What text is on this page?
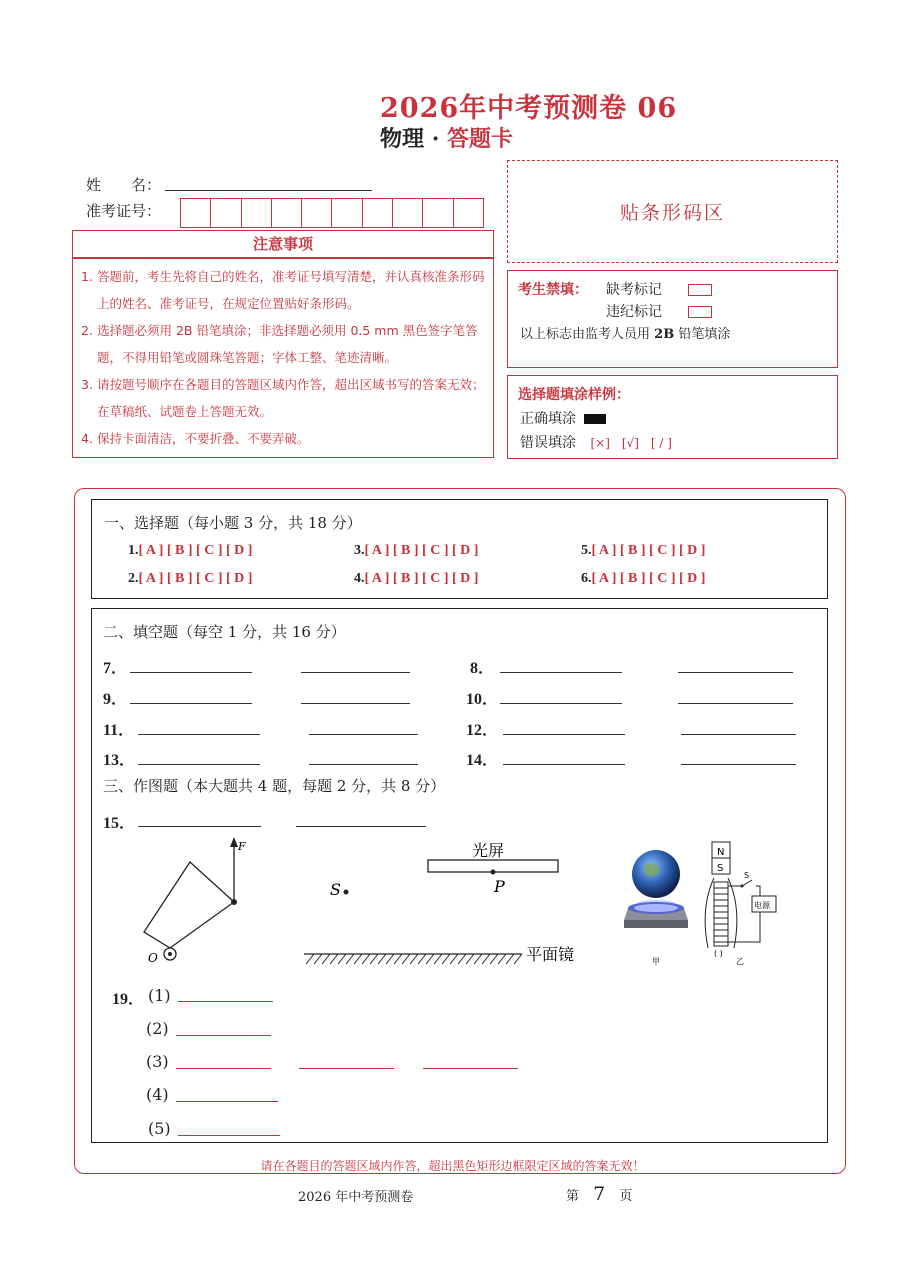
2026年中考预测卷 06
物理 · 答题卡
姓　　名：
准考证号：	贴条形码区
注意事项
1. 答题前，考生先将自己的姓名，准考证号填写清楚，并认真核准条形码上的姓名、准考证号，在规定位置贴好条形码。
2. 选择题必须用 2B 铅笔填涂；非选择题必须用 0.5 mm 黑色签字笔答题，不得用铅笔或圆珠笔答题；字体工整、笔迹清晰。
3. 请按题号顺序在各题目的答题区域内作答，超出区域书写的答案无效；在草稿纸、试题卷上答题无效。
4. 保持卡面清洁，不要折叠、不要弄破。
考生禁填： 缺考标记
违纪标记
以上标志由监考人员用 2B 铅笔填涂
选择题填涂样例：
正确填涂
错误填涂 [×]　[√]　[ / ]
一、选择题（每小题 3 分，共 18 分）
1.[ A ] [ B ] [ C ] [ D ]
2.[ A ] [ B ] [ C ] [ D ]
3.[ A ] [ B ] [ C ] [ D ]
4.[ A ] [ B ] [ C ] [ D ]
5.[ A ] [ B ] [ C ] [ D ]
6.[ A ] [ B ] [ C ] [ D ]
二、填空题（每空 1 分，共 16 分）
7．	8．
9．	10．
11．	12．
13．	14．
三、作图题（本大题共 4 题，每题 2 分，共 8 分）
15．
F
O
S
光屏
P
平面镜
N
S
S
电源
( )
甲	乙
19． (1)
(2)
(3)
(4)
(5)
请在各题目的答题区域内作答，超出黑色矩形边框限定区域的答案无效！
2026 年中考预测卷	第 7 页
